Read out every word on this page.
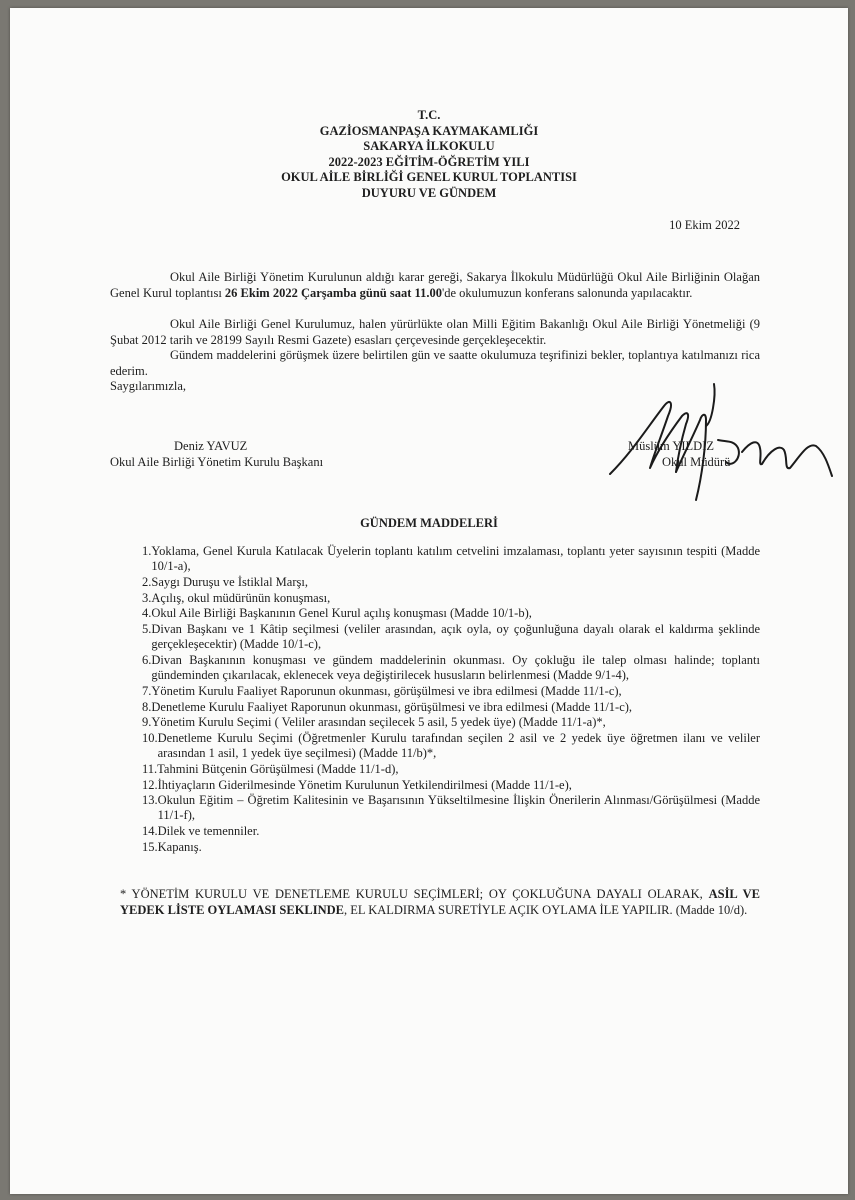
T.C.
GAZİOSMANPAŞA KAYMAKAMLIĞI
SAKARYA İLKOKULU
2022-2023 EĞİTİM-ÖĞRETİM YILI
OKUL AİLE BİRLİĞİ GENEL KURUL TOPLANTISI
DUYURU VE GÜNDEM
10 Ekim 2022
Okul Aile Birliği Yönetim Kurulunun aldığı karar gereği, Sakarya İlkokulu Müdürlüğü Okul Aile Birliğinin Olağan Genel Kurul toplantısı 26 Ekim 2022 Çarşamba günü saat 11.00'de okulumuzun konferans salonunda yapılacaktır.
Okul Aile Birliği Genel Kurulumuz, halen yürürlükte olan Milli Eğitim Bakanlığı Okul Aile Birliği Yönetmeliği (9 Şubat 2012 tarih ve 28199 Sayılı Resmi Gazete) esasları çerçevesinde gerçekleşecektir.
Gündem maddelerini görüşmek üzere belirtilen gün ve saatte okulumuza teşrifinizi bekler, toplantıya katılmanızı rica ederim.
Saygılarımızla,
Deniz YAVUZ
Okul Aile Birliği Yönetim Kurulu Başkanı
Müslüm YILDIZ
Okul Müdürü
GÜNDEM MADDELERİ
1. Yoklama, Genel Kurula Katılacak Üyelerin toplantı katılım cetvelini imzalaması, toplantı yeter sayısının tespiti (Madde 10/1-a),
2. Saygı Duruşu ve İstiklal Marşı,
3. Açılış, okul müdürünün konuşması,
4. Okul Aile Birliği Başkanının Genel Kurul açılış konuşması (Madde 10/1-b),
5. Divan Başkanı ve 1 Kâtip seçilmesi (veliler arasından, açık oyla, oy çoğunluğuna dayalı olarak el kaldırma şeklinde gerçekleşecektir) (Madde 10/1-c),
6. Divan Başkanının konuşması ve gündem maddelerinin okunması. Oy çokluğu ile talep olması halinde; toplantı gündeminden çıkarılacak, eklenecek veya değiştirilecek hususların belirlenmesi (Madde 9/1-4),
7. Yönetim Kurulu Faaliyet Raporunun okunması, görüşülmesi ve ibra edilmesi (Madde 11/1-c),
8. Denetleme Kurulu Faaliyet Raporunun okunması, görüşülmesi ve ibra edilmesi (Madde 11/1-c),
9. Yönetim Kurulu Seçimi ( Veliler arasından seçilecek 5 asil, 5 yedek üye) (Madde 11/1-a)*,
10. Denetleme Kurulu Seçimi (Öğretmenler Kurulu tarafından seçilen 2 asil ve 2 yedek üye öğretmen ilanı ve veliler arasından 1 asil, 1 yedek üye seçilmesi) (Madde 11/b)*,
11. Tahmini Bütçenin Görüşülmesi (Madde 11/1-d),
12. İhtiyaçların Giderilmesinde Yönetim Kurulunun Yetkilendirilmesi (Madde 11/1-e),
13. Okulun Eğitim – Öğretim Kalitesinin ve Başarısının Yükseltilmesine İlişkin Önerilerin Alınması/Görüşülmesi (Madde 11/1-f),
14. Dilek ve temenniler.
15. Kapanış.
* YÖNETİM KURULU VE DENETLEME KURULU SEÇİMLERİ; OY ÇOKLUĞUNA DAYALI OLARAK, ASİL VE YEDEK LİSTE OYLAMASI SEKLINDE, EL KALDIRMA SURETİYLE AÇIK OYLAMA İLE YAPILIR. (Madde 10/d).
